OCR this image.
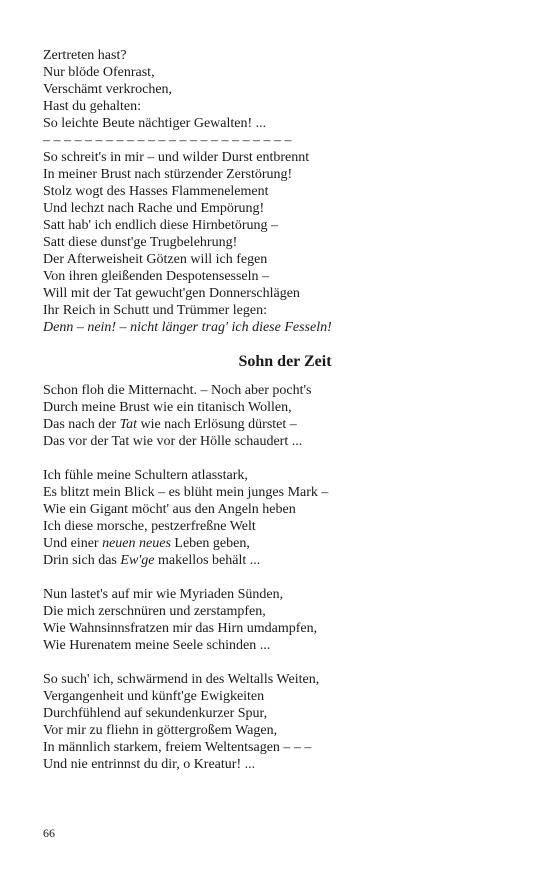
Zertreten hast?
Nur blöde Ofenrast,
Verschämt verkrochen,
Hast du gehalten:
So leichte Beute nächtiger Gewalten! ...
– – – – – – – – – – – – – – – – – – – – – – – –
So schreit's in mir – und wilder Durst entbrennt
In meiner Brust nach stürzender Zerstörung!
Stolz wogt des Hasses Flammenelement
Und lechzt nach Rache und Empörung!
Satt hab' ich endlich diese Hirnbetörung –
Satt diese dunst'ge Trugbelehrung!
Der Afterweisheit Götzen will ich fegen
Von ihren gleißenden Despotensesseln –
Will mit der Tat gewucht'gen Donnerschlägen
Ihr Reich in Schutt und Trümmer legen:
Denn – nein! – nicht länger trag' ich diese Fesseln!
Sohn der Zeit
Schon floh die Mitternacht. – Noch aber pocht's
Durch meine Brust wie ein titanisch Wollen,
Das nach der Tat wie nach Erlösung dürstet –
Das vor der Tat wie vor der Hölle schaudert ...
Ich fühle meine Schultern atlasstark,
Es blitzt mein Blick – es blüht mein junges Mark –
Wie ein Gigant möcht' aus den Angeln heben
Ich diese morsche, pestzerfreßne Welt
Und einer neuen neues Leben geben,
Drin sich das Ew'ge makellos behält ...
Nun lastet's auf mir wie Myriaden Sünden,
Die mich zerschnüren und zerstampfen,
Wie Wahnsinnsfratzen mir das Hirn umdampfen,
Wie Hurenatem meine Seele schinden ...
So such' ich, schwärmend in des Weltalls Weiten,
Vergangenheit und künft'ge Ewigkeiten
Durchfühlend auf sekundenkurzer Spur,
Vor mir zu fliehn in göttergroßem Wagen,
In männlich starkem, freiem Weltentsagen – – –
Und nie entrinnst du dir, o Kreatur! ...
66
